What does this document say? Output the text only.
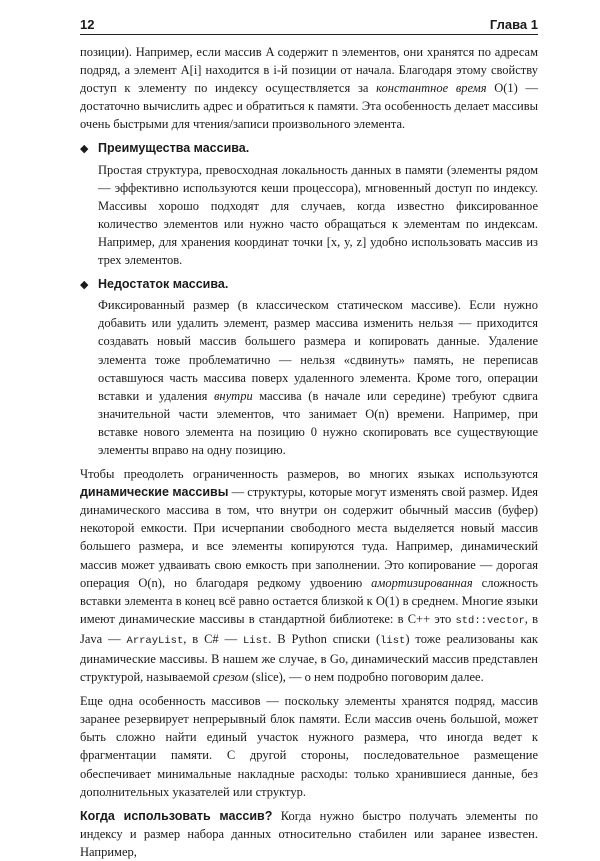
12	Глава 1

позиции). Например, если массив A содержит n элементов, они хранятся по адресам подряд, а элемент A[i] находится в i-й позиции от начала. Благодаря этому свойству доступ к элементу по индексу осуществляется за константное время O(1) — достаточно вычислить адрес и обратиться к памяти. Эта особенность делает массивы очень быстрыми для чтения/записи произвольного элемента.

◆ Преимущества массива.

Простая структура, превосходная локальность данных в памяти (элементы рядом — эффективно используются кеши процессора), мгновенный доступ по индексу. Массивы хорошо подходят для случаев, когда известно фиксированное количество элементов или нужно часто обращаться к элементам по индексам. Например, для хранения координат точки [x, y, z] удобно использовать массив из трех элементов.

◆ Недостаток массива.

Фиксированный размер (в классическом статическом массиве). Если нужно добавить или удалить элемент, размер массива изменить нельзя — приходится создавать новый массив большего размера и копировать данные. Удаление элемента тоже проблематично — нельзя «сдвинуть» память, не переписав оставшуюся часть массива поверх удаленного элемента. Кроме того, операции вставки и удаления внутри массива (в начале или середине) требуют сдвига значительной части элементов, что занимает O(n) времени. Например, при вставке нового элемента на позицию 0 нужно скопировать все существующие элементы вправо на одну позицию.

Чтобы преодолеть ограниченность размеров, во многих языках используются динамические массивы — структуры, которые могут изменять свой размер. Идея динамического массива в том, что внутри он содержит обычный массив (буфер) некоторой емкости. При исчерпании свободного места выделяется новый массив большего размера, и все элементы копируются туда. Например, динамический массив может удваивать свою емкость при заполнении. Это копирование — дорогая операция O(n), но благодаря редкому удвоению амортизированная сложность вставки элемента в конец всё равно остается близкой к O(1) в среднем. Многие языки имеют динамические массивы в стандартной библиотеке: в C++ это std::vector, в Java — ArrayList, в C# — List. В Python списки (list) тоже реализованы как динамические массивы. В нашем же случае, в Go, динамический массив представлен структурой, называемой срезом (slice), — о нем подробно поговорим далее.

Еще одна особенность массивов — поскольку элементы хранятся подряд, массив заранее резервирует непрерывный блок памяти. Если массив очень большой, может быть сложно найти единый участок нужного размера, что иногда ведет к фрагментации памяти. С другой стороны, последовательное размещение обеспечивает минимальные накладные расходы: только хранившиеся данные, без дополнительных указателей или структур.

Когда использовать массив? Когда нужно быстро получать элементы по индексу и размер набора данных относительно стабилен или заранее известен. Например,
